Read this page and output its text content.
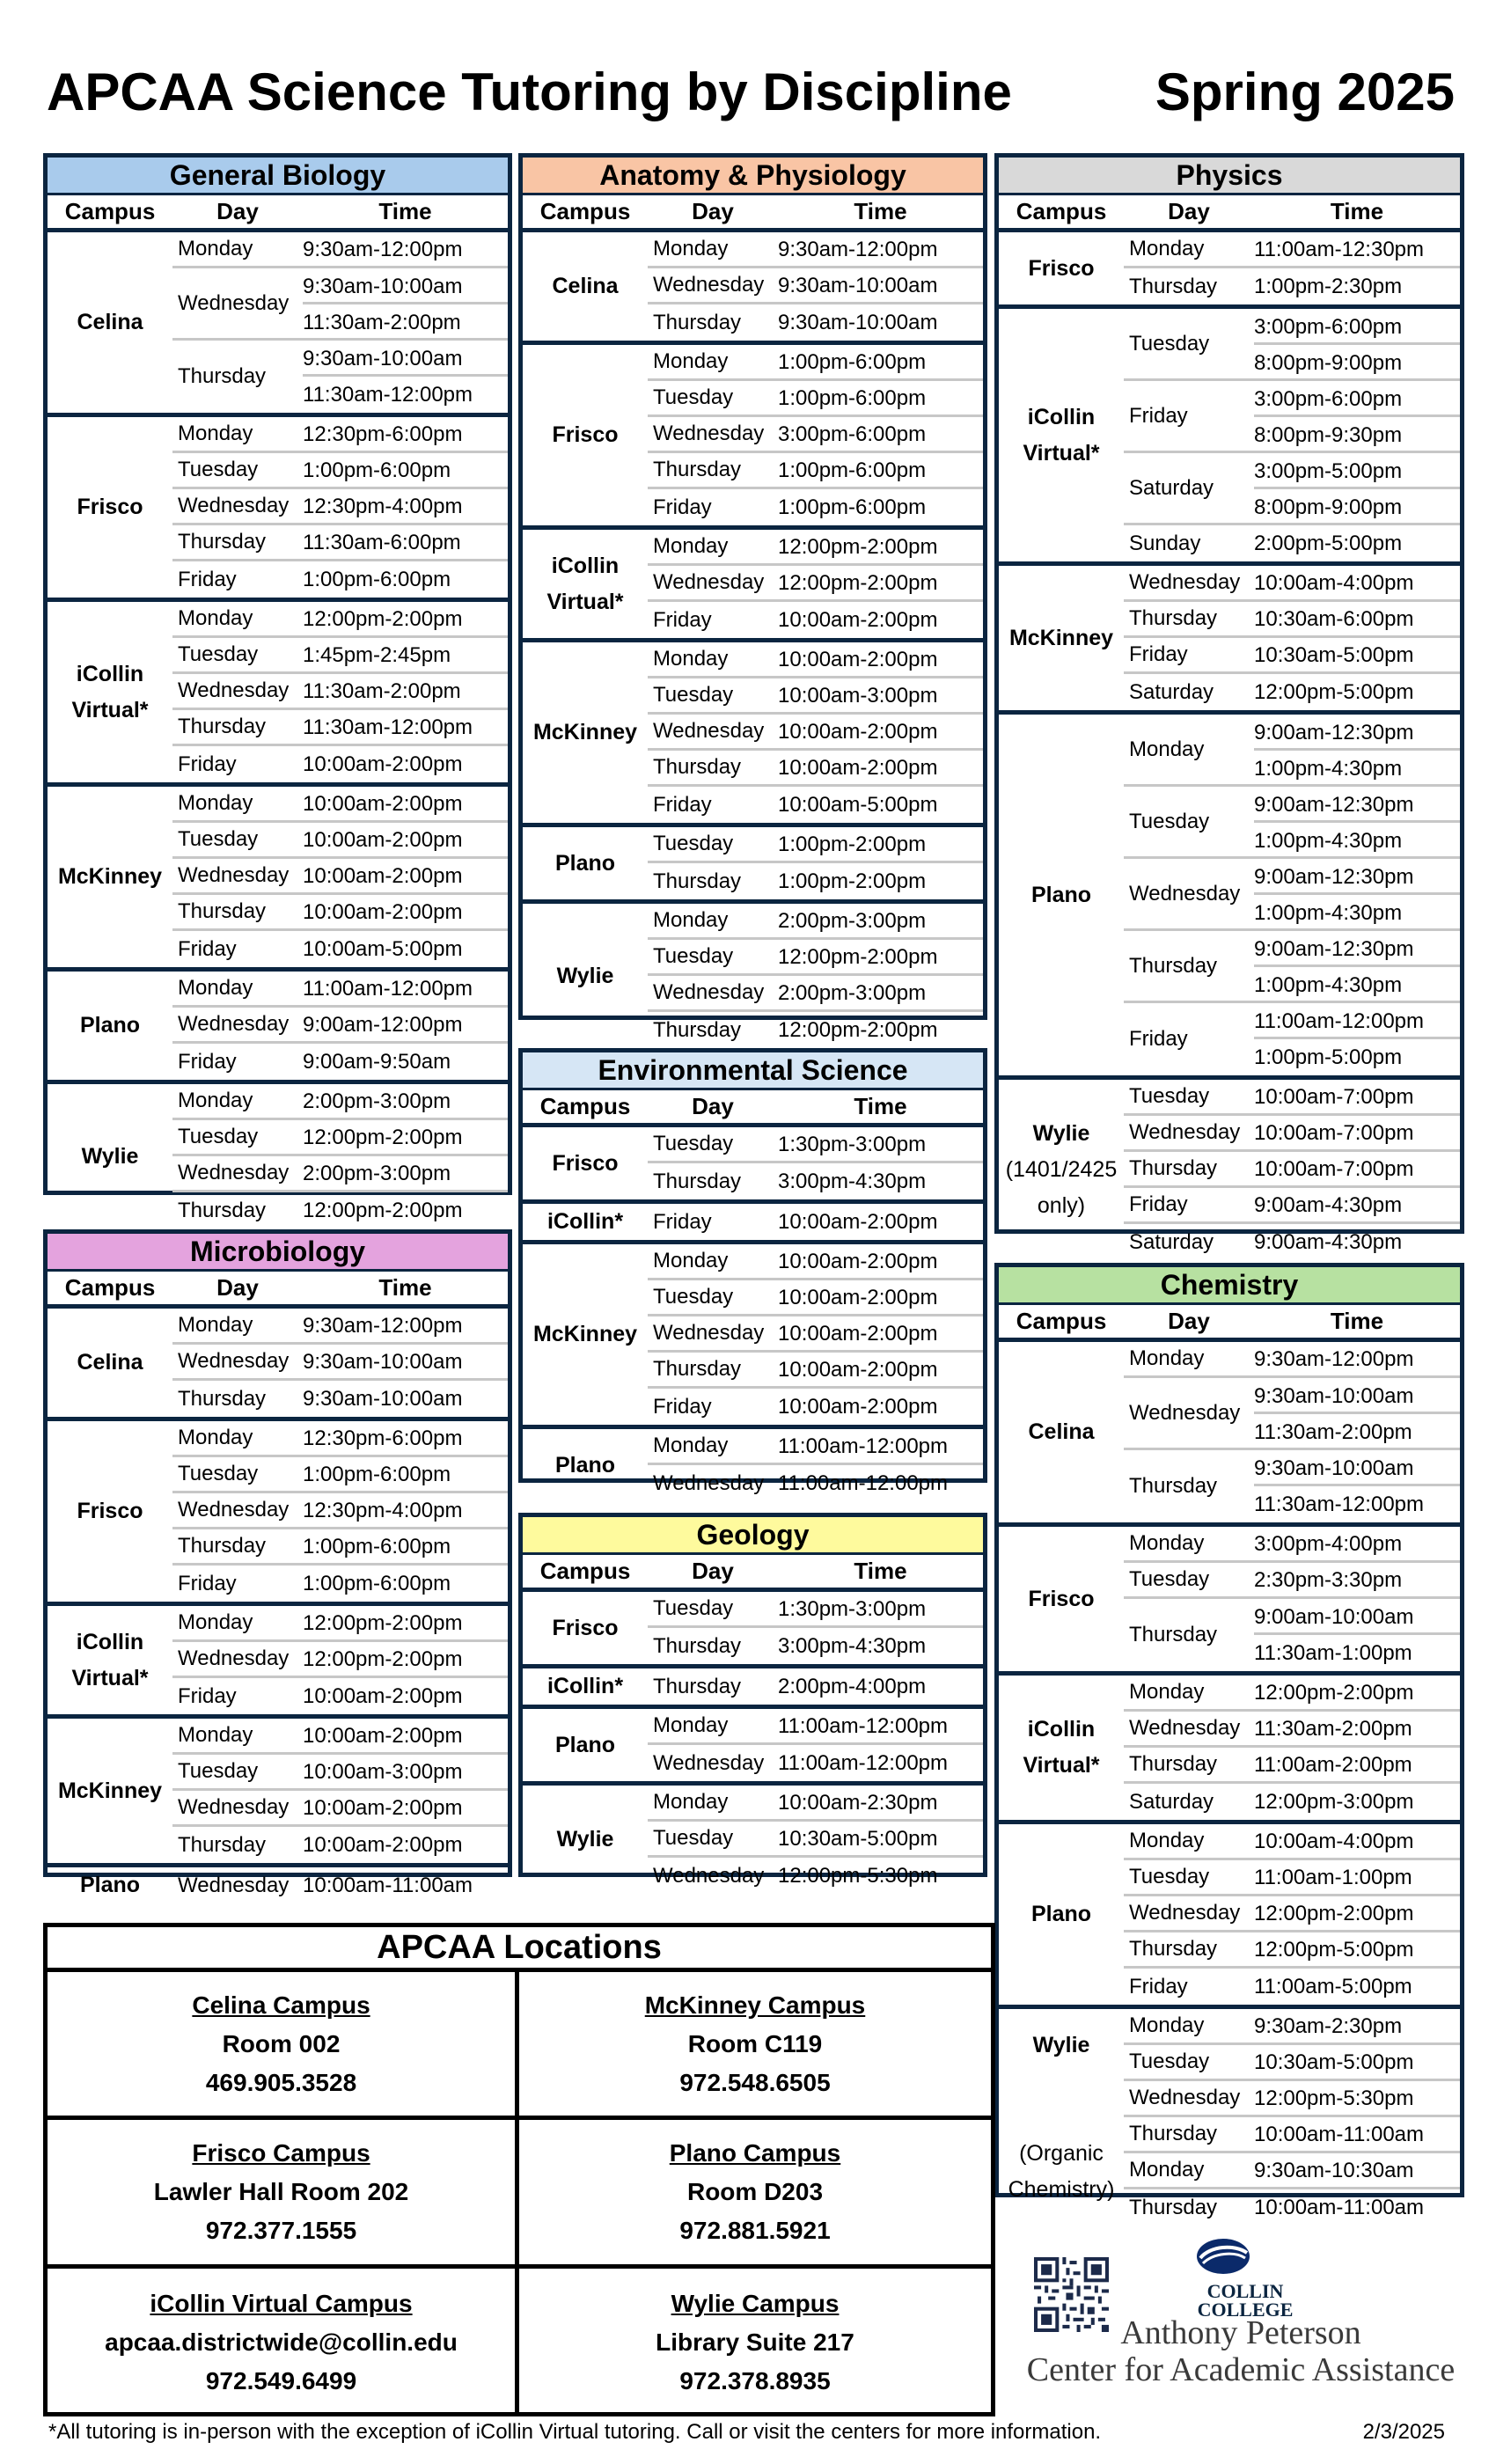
APCAA Science Tutoring by Discipline	Spring 2025
General Biology
Campus	Day	Time
Celina
Monday	9:30am-12:00pm
Wednesday
9:30am-10:00am
11:30am-2:00pm
Thursday
9:30am-10:00am
11:30am-12:00pm
Frisco
Monday	12:30pm-6:00pm
Tuesday	1:00pm-6:00pm
Wednesday 12:30pm-4:00pm
Thursday	11:30am-6:00pm
Friday	1:00pm-6:00pm
iCollin
Virtual*
Monday	12:00pm-2:00pm
Tuesday	1:45pm-2:45pm
Wednesday 11:30am-2:00pm
Thursday	11:30am-12:00pm
Friday	10:00am-2:00pm
McKinney
Monday	10:00am-2:00pm
Tuesday	10:00am-2:00pm
Wednesday 10:00am-2:00pm
Thursday	10:00am-2:00pm
Friday	10:00am-5:00pm
Plano
Monday	11:00am-12:00pm
Wednesday 9:00am-12:00pm
Friday	9:00am-9:50am
Wylie
Monday	2:00pm-3:00pm
Tuesday	12:00pm-2:00pm
Wednesday 2:00pm-3:00pm
Thursday	12:00pm-2:00pm
Microbiology
Campus	Day	Time
Celina
Monday	9:30am-12:00pm
Wednesday 9:30am-10:00am
Thursday	9:30am-10:00am
Frisco
Monday	12:30pm-6:00pm
Tuesday	1:00pm-6:00pm
Wednesday 12:30pm-4:00pm
Thursday	1:00pm-6:00pm
Friday	1:00pm-6:00pm
iCollin
Virtual*
Monday	12:00pm-2:00pm
Wednesday 12:00pm-2:00pm
Friday	10:00am-2:00pm
McKinney
Monday	10:00am-2:00pm
Tuesday	10:00am-3:00pm
Wednesday 10:00am-2:00pm
Thursday	10:00am-2:00pm
Plano Wednesday 10:00am-11:00am
Anatomy & Physiology
Campus	Day	Time
Celina
Monday	9:30am-12:00pm
Wednesday 9:30am-10:00am
Thursday	9:30am-10:00am
Frisco
Monday	1:00pm-6:00pm
Tuesday	1:00pm-6:00pm
Wednesday 3:00pm-6:00pm
Thursday	1:00pm-6:00pm
Friday	1:00pm-6:00pm
iCollin
Virtual*
Monday	12:00pm-2:00pm
Wednesday 12:00pm-2:00pm
Friday	10:00am-2:00pm
McKinney
Monday	10:00am-2:00pm
Tuesday	10:00am-3:00pm
Wednesday 10:00am-2:00pm
Thursday	10:00am-2:00pm
Friday	10:00am-5:00pm
Plano
Tuesday	1:00pm-2:00pm
Thursday	1:00pm-2:00pm
Wylie
Monday	2:00pm-3:00pm
Tuesday	12:00pm-2:00pm
Wednesday 2:00pm-3:00pm
Thursday	12:00pm-2:00pm
Environmental Science
Campus	Day	Time
Frisco
Tuesday	1:30pm-3:00pm
Thursday	3:00pm-4:30pm
iCollin* Friday	10:00am-2:00pm
McKinney
Monday	10:00am-2:00pm
Tuesday	10:00am-2:00pm
Wednesday 10:00am-2:00pm
Thursday	10:00am-2:00pm
Friday	10:00am-2:00pm
Plano
Monday	11:00am-12:00pm
Wednesday 11:00am-12:00pm
Geology
Campus	Day	Time
Frisco
Tuesday	1:30pm-3:00pm
Thursday	3:00pm-4:30pm
iCollin* Thursday	2:00pm-4:00pm
Plano
Monday	11:00am-12:00pm
Wednesday 11:00am-12:00pm
Wylie
Monday	10:00am-2:30pm
Tuesday	10:30am-5:00pm
Wednesday 12:00pm-5:30pm
Physics
Campus	Day	Time
Frisco
Monday	11:00am-12:30pm
Thursday	1:00pm-2:30pm
iCollin
Virtual*
Tuesday
3:00pm-6:00pm
8:00pm-9:00pm
Friday
3:00pm-6:00pm
8:00pm-9:30pm
Saturday
3:00pm-5:00pm
8:00pm-9:00pm
Sunday	2:00pm-5:00pm
McKinney
Wednesday 10:00am-4:00pm
Thursday	10:30am-6:00pm
Friday	10:30am-5:00pm
Saturday	12:00pm-5:00pm
Plano
Monday
9:00am-12:30pm
1:00pm-4:30pm
Tuesday
9:00am-12:30pm
1:00pm-4:30pm
Wednesday
9:00am-12:30pm
1:00pm-4:30pm
Thursday
9:00am-12:30pm
1:00pm-4:30pm
Friday
11:00am-12:00pm
1:00pm-5:00pm
Wylie
(1401/2425
only)
Tuesday	10:00am-7:00pm
Wednesday 10:00am-7:00pm
Thursday	10:00am-7:00pm
Friday	9:00am-4:30pm
Saturday	9:00am-4:30pm
Chemistry
Campus	Day	Time
Celina
Monday	9:30am-12:00pm
Wednesday
9:30am-10:00am
11:30am-2:00pm
Thursday
9:30am-10:00am
11:30am-12:00pm
Frisco
Monday	3:00pm-4:00pm
Tuesday	2:30pm-3:30pm
Thursday
9:00am-10:00am
11:30am-1:00pm
iCollin
Virtual*
Monday	12:00pm-2:00pm
Wednesday 11:30am-2:00pm
Thursday	11:00am-2:00pm
Saturday	12:00pm-3:00pm
Plano
Monday	10:00am-4:00pm
Tuesday	11:00am-1:00pm
Wednesday 12:00pm-2:00pm
Thursday	12:00pm-5:00pm
Friday	11:00am-5:00pm
Wylie

(Organic
Chemistry)
Monday	9:30am-2:30pm
Tuesday	10:30am-5:00pm
Wednesday 12:00pm-5:30pm
Thursday	10:00am-11:00am
Monday	9:30am-10:30am
Thursday	10:00am-11:00am
APCAA Locations
Celina Campus
Room 002
469.905.3528
McKinney Campus
Room C119
972.548.6505
Frisco Campus
Lawler Hall Room 202
972.377.1555
Plano Campus
Room D203
972.881.5921
iCollin Virtual Campus
apcaa.districtwide@collin.edu
972.549.6499
Wylie Campus
Library Suite 217
972.378.8935
COLLIN
COLLEGE
Anthony Peterson
Center for Academic Assistance
*All tutoring is in-person with the exception of iCollin Virtual tutoring. Call or visit the centers for more information.	2/3/2025
